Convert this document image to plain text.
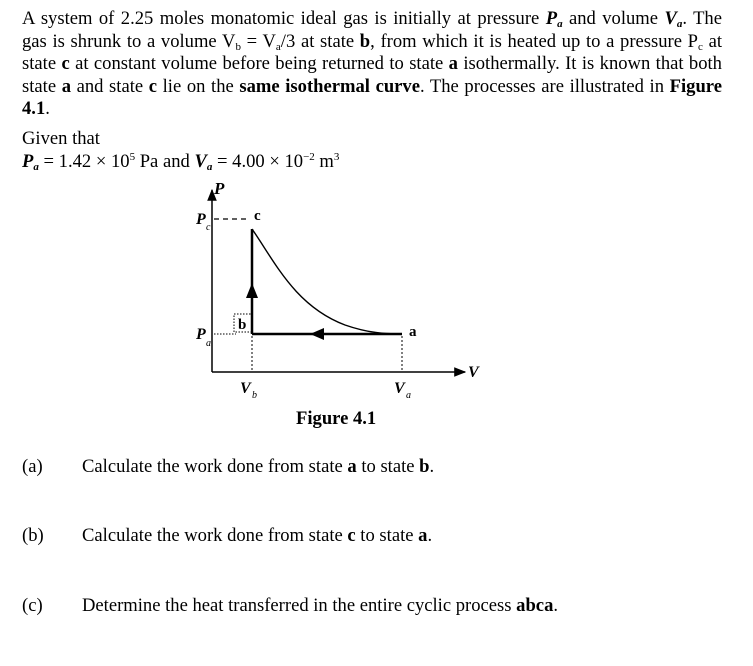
A system of 2.25 moles monatomic ideal gas is initially at pressure $P_a$ and volume $V_a$. The gas is shrunk to a volume $V_b = V_a/3$ at state b, from which it is heated up to a pressure $P_c$ at state c at constant volume before being returned to state a isothermally. It is known that both state a and state c lie on the same isothermal curve. The processes are illustrated in Figure 4.1.
Given that
$P_a = 1.42 \times 10^5$ Pa and $V_a = 4.00 \times 10^{-2}$ $m^3$
P
V
P c
P
a
b	a
c
V b	V a
Figure 4.1
(a) Calculate the work done from state a to state b.
(b) Calculate the work done from state c to state a.
(c) Determine the heat transferred in the entire cyclic process abca.
